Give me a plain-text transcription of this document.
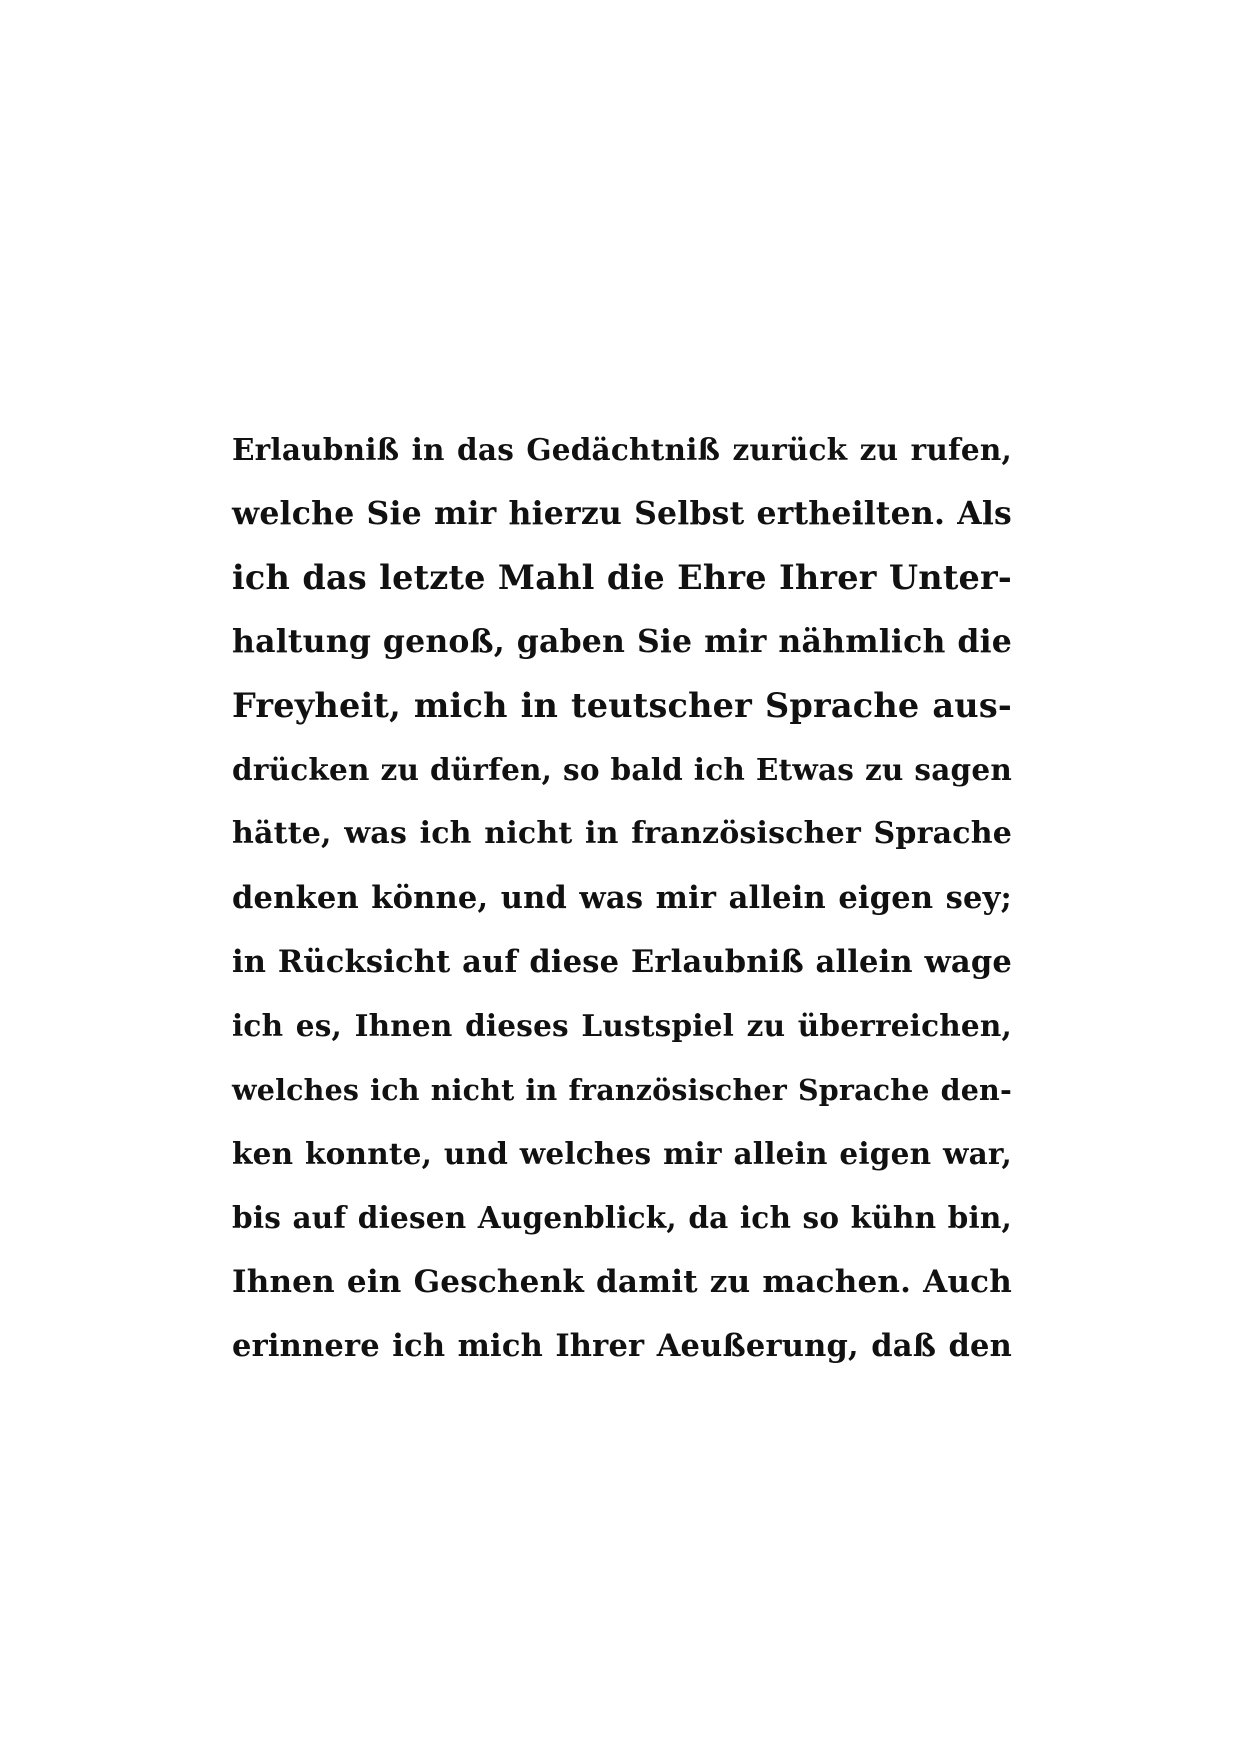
Erlaubniß in das Gedächtniß zurück zu rufen,
welche Sie mir hierzu Selbst ertheilten. Als
ich das letzte Mahl die Ehre Ihrer Unter-
haltung genoß, gaben Sie mir nähmlich die
Freyheit, mich in teutscher Sprache aus-
drücken zu dürfen, so bald ich Etwas zu sagen
hätte, was ich nicht in französischer Sprache
denken könne, und was mir allein eigen sey;
in Rücksicht auf diese Erlaubniß allein wage
ich es, Ihnen dieses Lustspiel zu überreichen,
welches ich nicht in französischer Sprache den-
ken konnte, und welches mir allein eigen war,
bis auf diesen Augenblick, da ich so kühn bin,
Ihnen ein Geschenk damit zu machen. Auch
erinnere ich mich Ihrer Aeußerung, daß den
